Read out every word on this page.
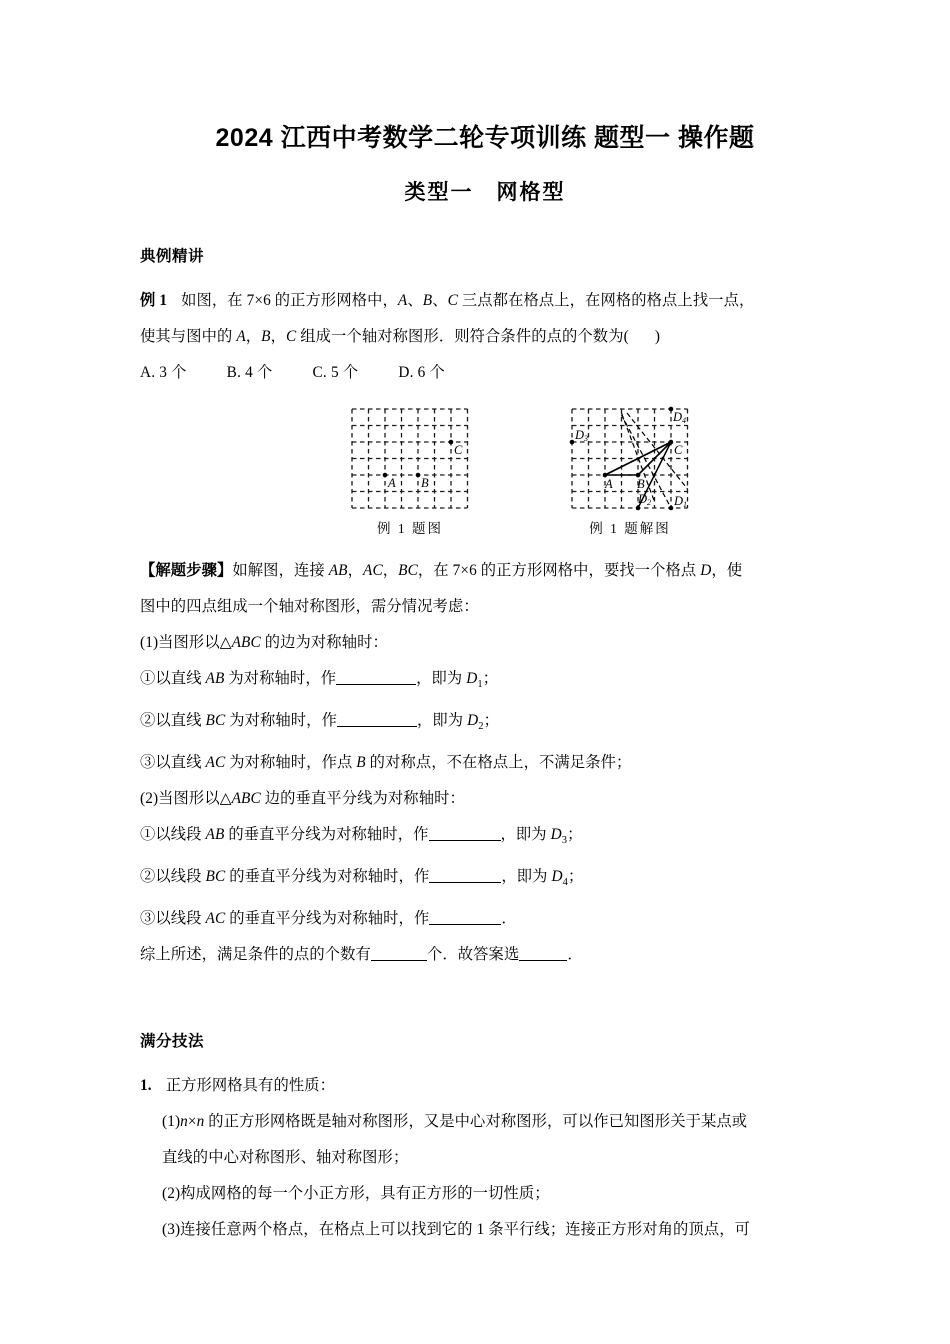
2024 江西中考数学二轮专项训练 题型一 操作题
类型一　网格型
典例精讲

例 1 如图，在 7×6 的正方形网格中，A、B、C 三点都在格点上，在网格的格点上找一点，

使其与图中的 A，B，C 组成一个轴对称图形．则符合条件的点的个数为( )

A. 3 个	B. 4 个	C. 5 个	D. 6 个

A B
C
例 1 题图
A B
C
D1
D2
D3
D4
例 1 题解图

【解题步骤】如解图，连接 AB，AC，BC，在 7×6 的正方形网格中，要找一个格点 D，使

图中的四点组成一个轴对称图形，需分情况考虑：

(1)当图形以△ABC 的边为对称轴时：

①以直线 AB 为对称轴时，作	，即为 $D_1$；

②以直线 BC 为对称轴时，作	，即为 $D_2$；

③以直线 AC 为对称轴时，作点 B 的对称点，不在格点上，不满足条件；

(2)当图形以△ABC 边的垂直平分线为对称轴时：

①以线段 AB 的垂直平分线为对称轴时，作	，即为 $D_3$；

②以线段 BC 的垂直平分线为对称轴时，作	，即为 $D_4$；

③以线段 AC 的垂直平分线为对称轴时，作	．

综上所述，满足条件的点的个数有	个．故答案选	．

满分技法

1. 正方形网格具有的性质：

(1)n×n 的正方形网格既是轴对称图形，又是中心对称图形，可以作已知图形关于某点或

直线的中心对称图形、轴对称图形；

(2)构成网格的每一个小正方形，具有正方形的一切性质；

(3)连接任意两个格点，在格点上可以找到它的 1 条平行线；连接正方形对角的顶点，可
